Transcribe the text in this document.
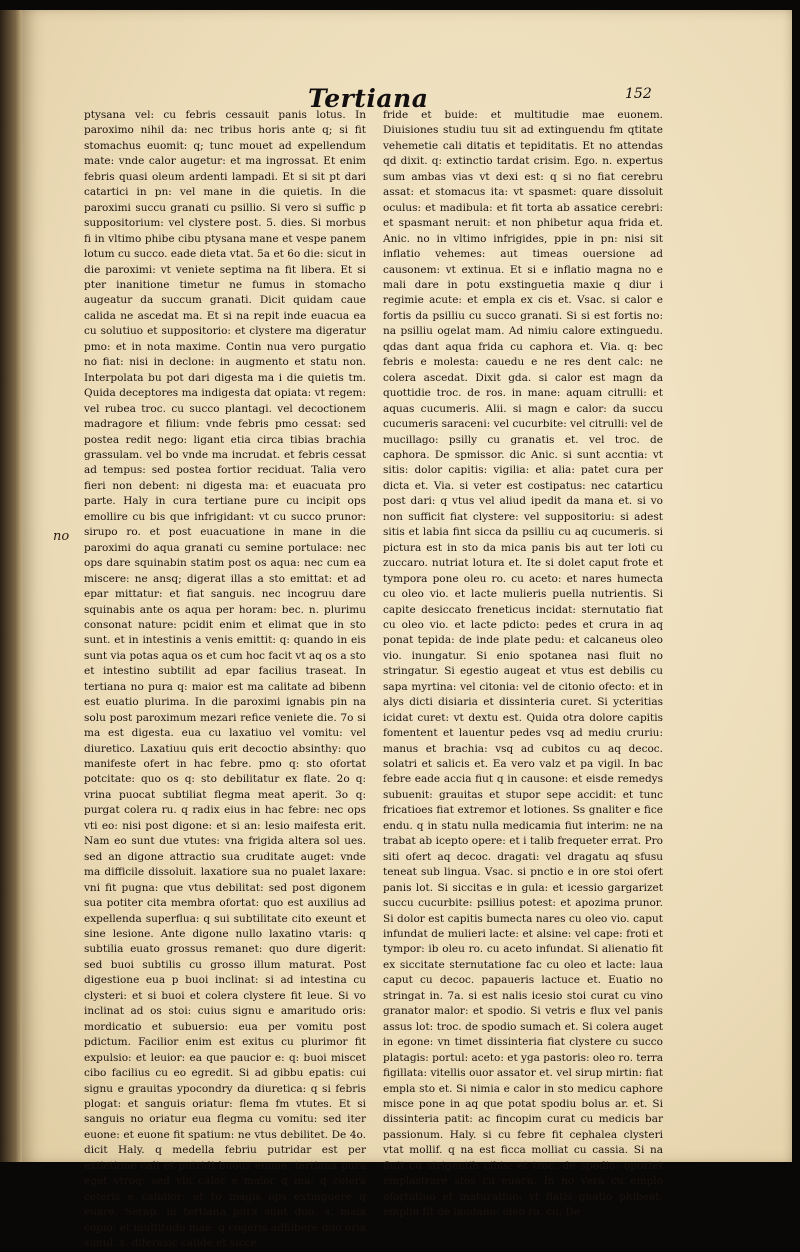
Tertiana	152
no

ptysana vel: cu febris cessauit panis lotus. In paroximo nihil da: nec tribus horis ante q; si fit stomachus euomit: q; tunc mouet ad expellendum mate: vnde calor augetur: et ma ingrossat. Et enim febris quasi oleum ardenti lampadi. Et si sit pt dari catartici in pn: vel mane in die quietis. In die paroximi succu granati cu psillio. Si vero si suffic p suppositorium: vel clystere post. 5. dies. Si morbus fi in vltimo phibe cibu ptysana mane et vespe panem lotum cu succo. eade dieta vtat. 5a et 6o die: sicut in die paroximi: vt veniete septima na fit libera. Et si pter inanitione timetur ne fumus in stomacho augeatur da succum granati. Dicit quidam caue calida ne ascedat ma. Et si na repit inde euacua ea cu solutiuo et suppositorio: et clystere ma digeratur pmo: et in nota maxime. Contin nua vero purgatio no fiat: nisi in declone: in augmento et statu non. Interpolata bu pot dari digesta ma i die quietis tm. Quida deceptores ma indigesta dat opiata: vt regem: vel rubea troc. cu succo plantagi. vel decoctionem madragore et filium: vnde febris pmo cessat: sed postea redit nego: ligant etia circa tibias brachia grassulam. vel bo vnde ma incrudat. et febris cessat ad tempus: sed postea fortior reciduat. Talia vero fieri non debent: ni digesta ma: et euacuata pro parte. Haly in cura tertiane pure cu incipit ops emollire cu bis que infrigidant: vt cu succo prunor: sirupo ro. et post euacuatione in mane in die paroximi do aqua granati cu semine portulace: nec ops dare squinabin statim post os aqua: nec cum ea miscere: ne ansq; digerat illas a sto emittat: et ad epar mittatur: et fiat sanguis. nec incogruu dare squinabis ante os aqua per horam: bec. n. plurimu consonat nature: pcidit enim et elimat que in sto sunt. et in intestinis a venis emittit: q: quando in eis sunt via potas aqua os et cum hoc facit vt aq os a sto et intestino subtilit ad epar facilius traseat. In tertiana no pura q: maior est ma calitate ad bibenn est euatio plurima. In die paroximi ignabis pin na solu post paroximum mezari refice veniete die. 7o si ma est digesta. eua cu laxatiuo vel vomitu: vel diuretico. Laxatiuu quis erit decoctio absinthy: quo manifeste ofert in hac febre. pmo q: sto ofortat potcitate: quo os q: sto debilitatur ex flate. 2o q: vrina puocat subtiliat flegma meat aperit. 3o q: purgat colera ru. q radix eius in hac febre: nec ops vti eo: nisi post digone: et si an: lesio maifesta erit. Nam eo sunt due vtutes: vna frigida altera sol ues. sed an digone attractio sua cruditate auget: vnde ma difficile dissoluit. laxatiore sua no pualet laxare: vni fit pugna: que vtus debilitat: sed post digonem sua potiter cita membra ofortat: quo est auxilius ad expellenda superflua: q sui subtilitate cito exeunt et sine lesione. Ante digone nullo laxatino vtaris: q subtilia euato grossus remanet: quo dure digerit: sed buoi subtilis cu grosso illum maturat. Post digestione eua p buoi inclinat: si ad intestina cu clysteri: et si buoi et colera clystere fit leue. Si vo inclinat ad os stoi: cuius signu e amaritudo oris: mordicatio et subuersio: eua per vomitu post pdictum. Facilior enim est exitus cu plurimor fit expulsio: et leuior: ea que paucior e: q: buoi miscet cibo facilius cu eo egredit. Si ad gibbu epatis: cui signu e grauitas ypocondry da diuretica: q si febris plogat: et sanguis oriatur: flema fm vtutes. Et si sanguis no oriatur eua flegma cu vomitu: sed iter euone: et euone fit spatium: ne vtus debilitet. De 4o. dicit Haly. q medella febriu putridar est per extictione cali et putridi buous euone. tertiana pura eget vtroq: sed vbi calor e maior q ma: q colera ceteris e calidior: et to magis ops extinguere q euare. Serap. in tertiana pura sunt duo. s. mala copio: et multitudo mae. q cogeris adhibere duo oria simul. s. diferasic calide et sicce

fride et buide: et multitudie mae euonem. Diuisiones studiu tuu sit ad extinguendu fm qtitate vehemetie cali ditatis et tepiditatis. Et no attendas qd dixit. q: extinctio tardat crisim. Ego. n. expertus sum ambas vias vt dexi est: q si no fiat cerebru assat: et stomacus ita: vt spasmet: quare dissoluit oculus: et madibula: et fit torta ab assatice cerebri: et spasmant neruit: et non phibetur aqua frida et. Anic. no in vltimo infrigides, ppie in pn: nisi sit inflatio vehemes: aut timeas ouersione ad causonem: vt extinua. Et si e inflatio magna no e mali dare in potu exstinguetia maxie q diur i regimie acute: et empla ex cis et. Vsac. si calor e fortis da psilliu cu succo granati. Si si est fortis no: na psilliu ogelat mam. Ad nimiu calore extinguedu. qdas dant aqua frida cu caphora et. Via. q: bec febris e molesta: cauedu e ne res dent calc: ne colera ascedat. Dixit gda. si calor est magn da quottidie troc. de ros. in mane: aquam citrulli: et aquas cucumeris. Alii. si magn e calor: da succu cucumeris saraceni: vel cucurbite: vel citrulli: vel de mucillago: psilly cu granatis et. vel troc. de caphora. De spmissor. dic Anic. si sunt accntia: vt sitis: dolor capitis: vigilia: et alia: patet cura per dicta et. Via. si veter est costipatus: nec catarticu post dari: q vtus vel aliud ipedit da mana et. si vo non sufficit fiat clystere: vel suppositoriu: si adest sitis et labia fint sicca da psilliu cu aq cucumeris. si pictura est in sto da mica panis bis aut ter loti cu zuccaro. nutriat lotura et. Ite si dolet caput frote et tympora pone oleu ro. cu aceto: et nares humecta cu oleo vio. et lacte mulieris puella nutrientis. Si capite desiccato freneticus incidat: sternutatio fiat cu oleo vio. et lacte pdicto: pedes et crura in aq ponat tepida: de inde plate pedu: et calcaneus oleo vio. inungatur. Si enio spotanea nasi fluit no stringatur. Si egestio augeat et vtus est debilis cu sapa myrtina: vel citonia: vel de citonio ofecto: et in alys dicti disiaria et dissinteria curet. Si ycteritias icidat curet: vt dextu est. Quida otra dolore capitis fomentent et lauentur pedes vsq ad mediu cruriu: manus et brachia: vsq ad cubitos cu aq decoc. solatri et salicis et. Ea vero valz et pa vigil. In bac febre eade accia fiut q in causone: et eisde remedys subuenit: grauitas et stupor sepe accidit: et tunc fricatioes fiat extremor et lotiones. Ss gnaliter e fice endu. q in statu nulla medicamia fiut interim: ne na trabat ab icepto opere: et i talib frequeter errat. Pro siti ofert aq decoc. dragati: vel dragatu aq sfusu teneat sub lingua. Vsac. si pnctio e in ore stoi ofert panis lot. Si siccitas e in gula: et icessio gargarizet succu cucurbite: psillius potest: et apozima prunor. Si dolor est capitis bumecta nares cu oleo vio. caput infundat de mulieri lacte: et alsine: vel cape: froti et tympor: ib oleu ro. cu aceto infundat. Si alienatio fit ex siccitate sternutatione fac cu oleo et lacte: laua caput cu decoc. papaueris lactuce et. Euatio no stringat in. 7a. si est nalis icesio stoi curat cu vino granator malor: et spodio. Si vetris e flux vel panis assus lot: troc. de spodio sumach et. Si colera auget in egone: vn timet dissinteria fiat clystere cu succo platagis: portul: aceto: et yga pastoris: oleo ro. terra figillata: vitellis ouor assator et. vel sirup mirtin: fiat empla sto et. Si nimia e calor in sto medicu caphore misce pone in aq que potat spodiu bolus ar. et. Si dissinteria patit: ac fincopim curat cu medicis bar passionum. Haly. si cu febre fit cephalea clysteri vtat mollif. q na est ficca molliat cu cassia. Si na fluit cu strigentib cibis: et troc. de spodio: oportet emplastrare stos cu euacu. In no vera cu emplo ofortatiuo et maturatiuo: vt flatis gnatio phibeat: emplm fit de laudano: oleo ro. cu. De
